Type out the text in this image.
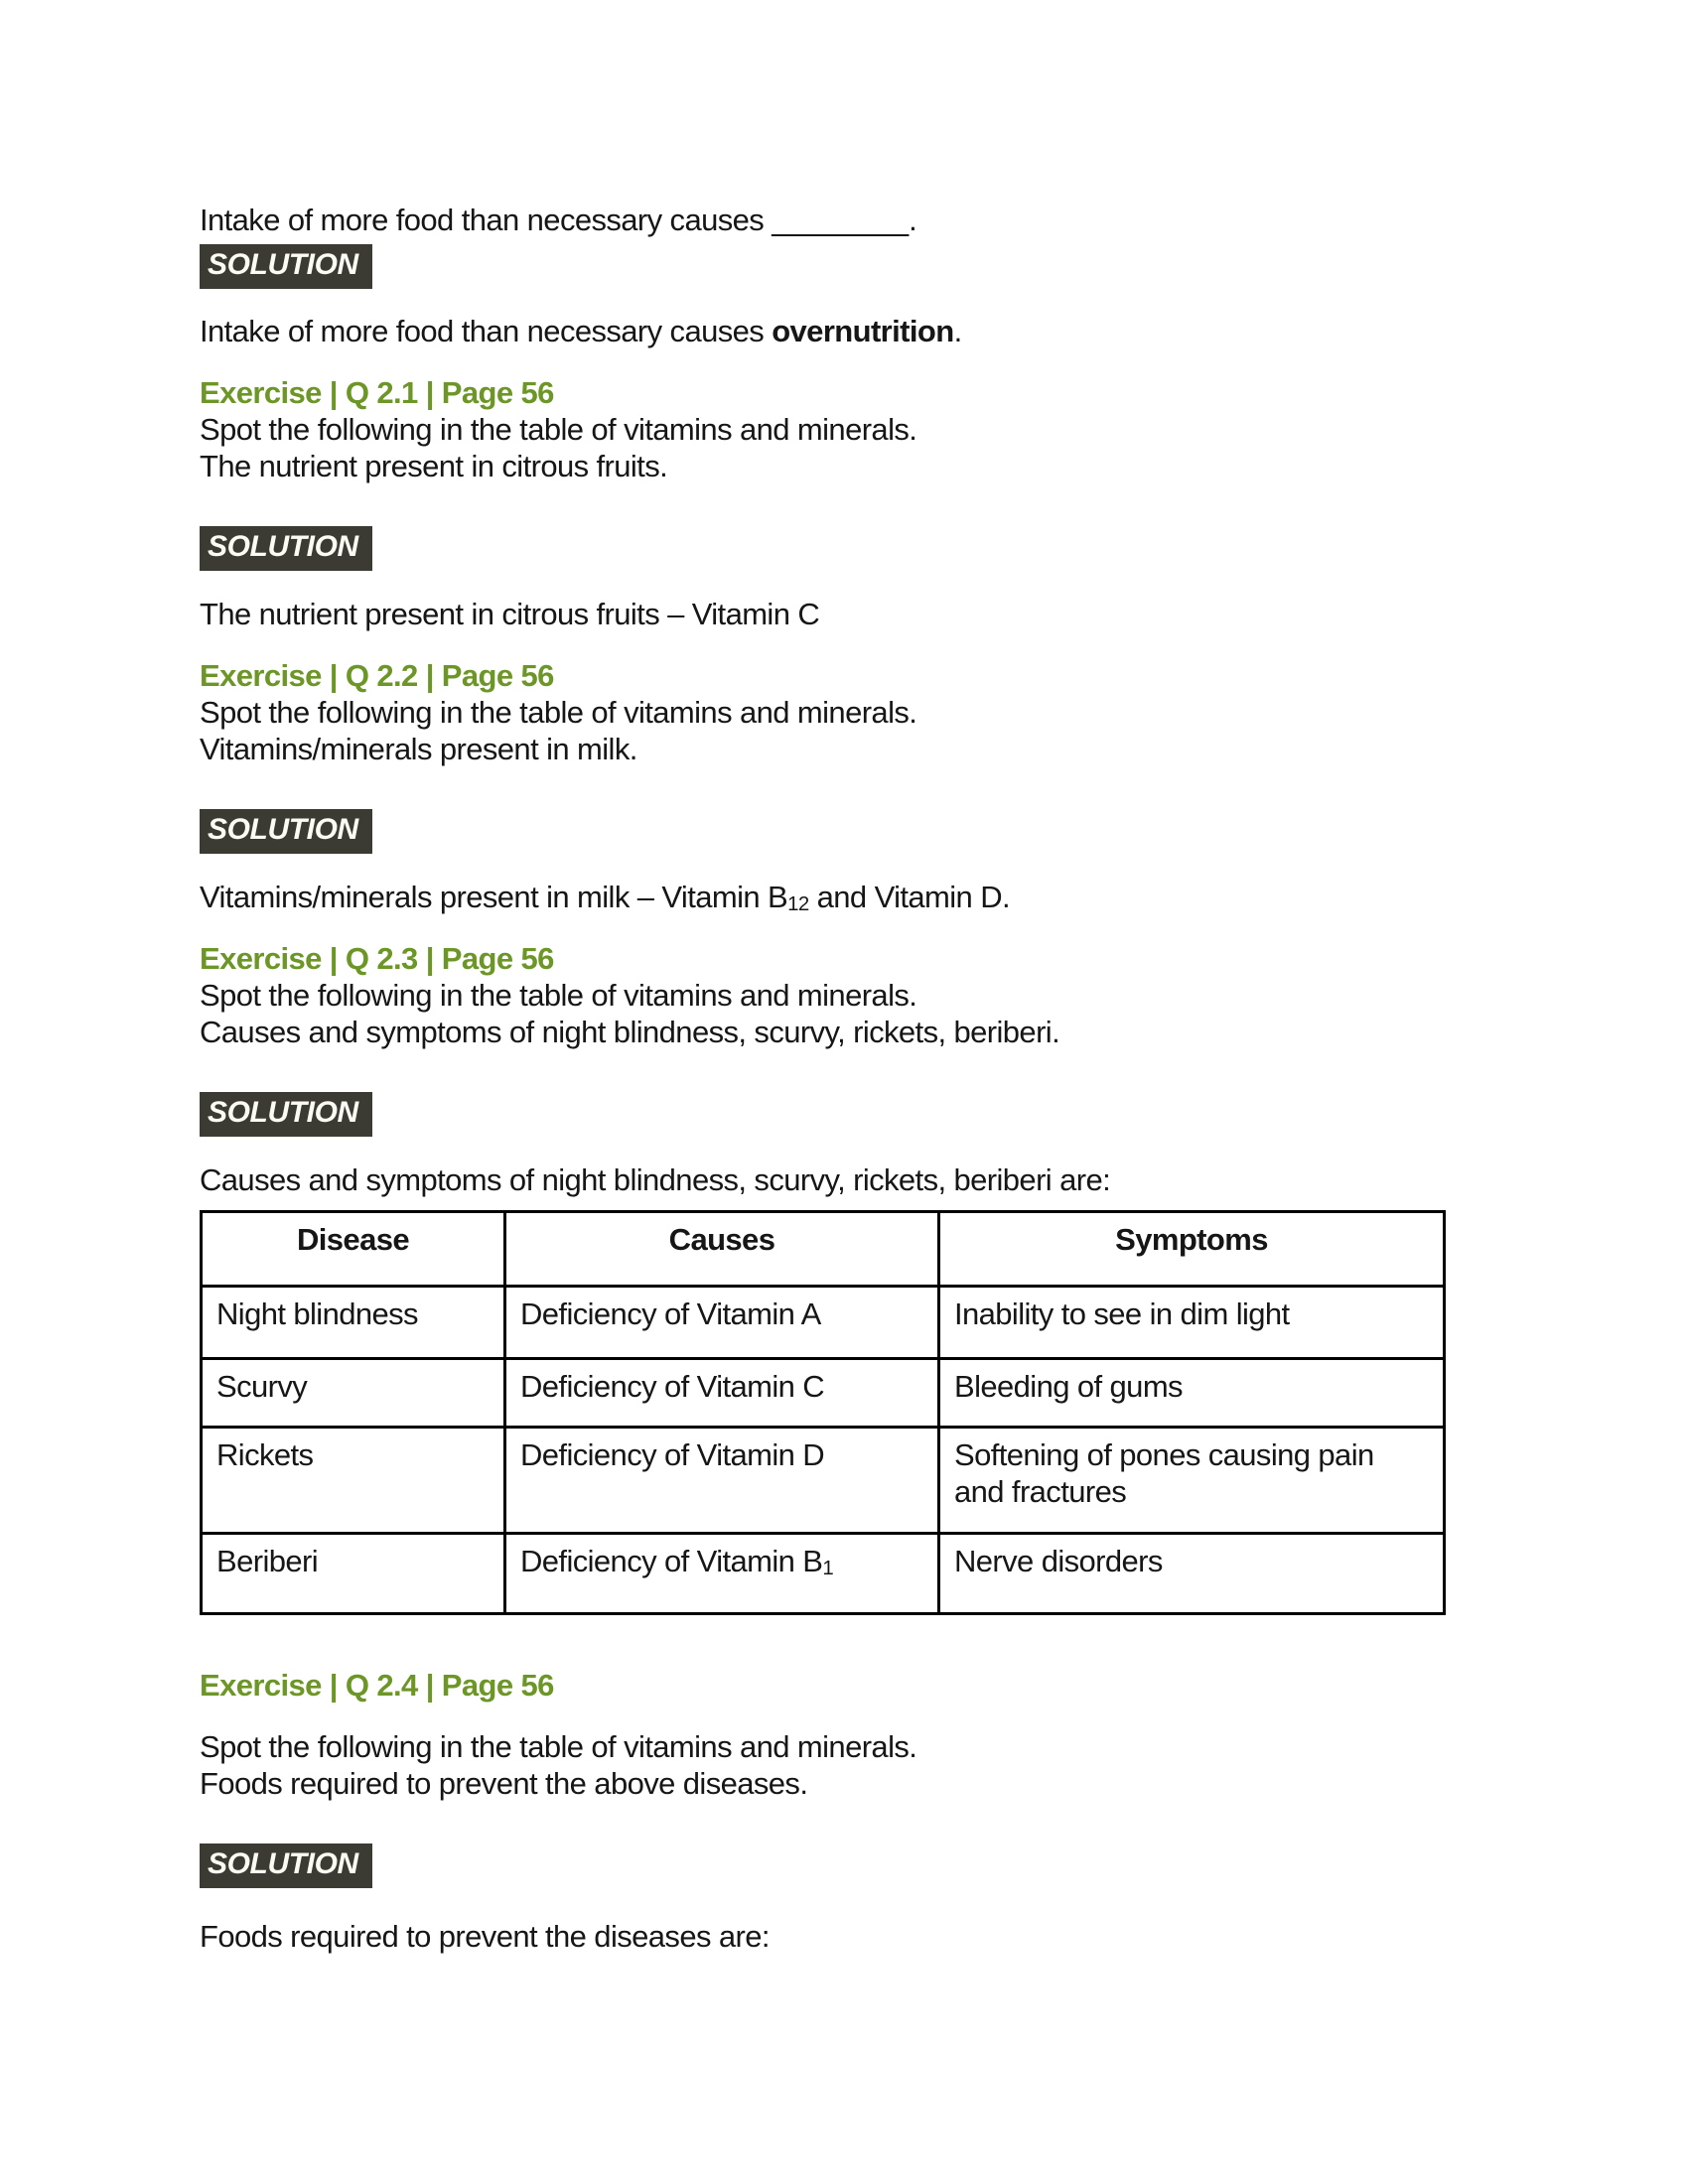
Intake of more food than necessary causes ________.

SOLUTION

Intake of more food than necessary causes overnutrition.

Exercise | Q 2.1 | Page 56

Spot the following in the table of vitamins and minerals.

The nutrient present in citrous fruits.

SOLUTION

The nutrient present in citrous fruits – Vitamin C

Exercise | Q 2.2 | Page 56

Spot the following in the table of vitamins and minerals.

Vitamins/minerals present in milk.

SOLUTION

Vitamins/minerals present in milk – Vitamin $B_{12}$ and Vitamin D.

Exercise | Q 2.3 | Page 56

Spot the following in the table of vitamins and minerals.

Causes and symptoms of night blindness, scurvy, rickets, beriberi.

SOLUTION

Causes and symptoms of night blindness, scurvy, rickets, beriberi are:

Disease	Causes	Symptoms
Night blindness	Deficiency of Vitamin A	Inability to see in dim light
Scurvy	Deficiency of Vitamin C	Bleeding of gums
Rickets	Deficiency of Vitamin D	Softening of pones causing pain and fractures
Beriberi	Deficiency of Vitamin $B_1$	Nerve disorders

Exercise | Q 2.4 | Page 56

Spot the following in the table of vitamins and minerals.

Foods required to prevent the above diseases.

SOLUTION

Foods required to prevent the diseases are:
